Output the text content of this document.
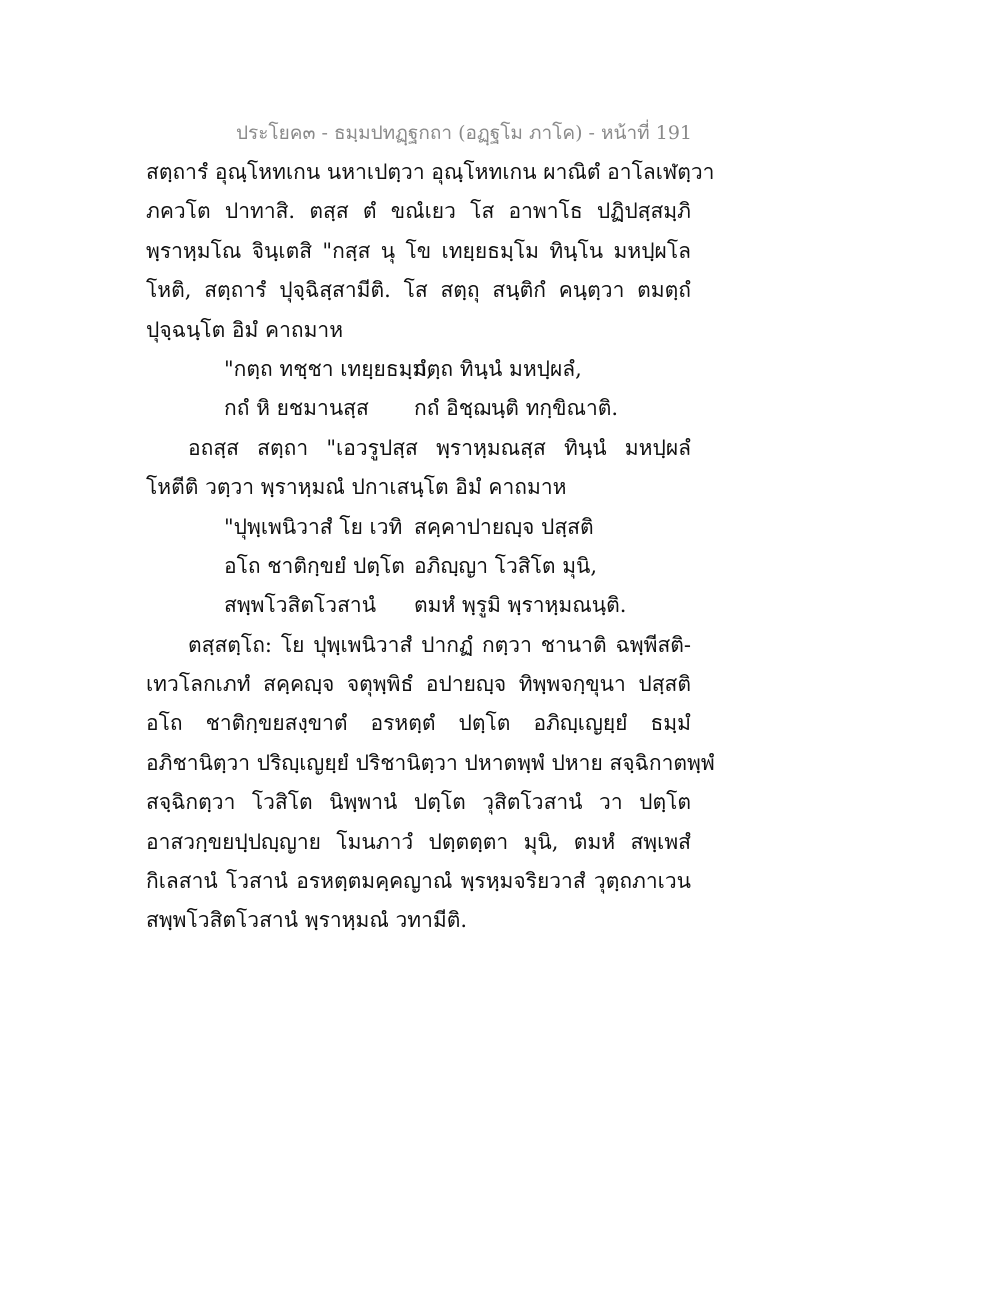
ประโยค๓ - ธมฺมปทฏฺฐกถา (อฏฺฐโม ภาโค) - หน้าที่ 191
สตฺถารํ อุณฺโหทเกน นหาเปตฺวา อุณฺโหทเกน ผาณิตํ อาโลเฬตฺวา
ภควโต ปาทาสิ. ตสฺส ตํ ขณํเยว โส อาพาโธ ปฏิปสฺสมฺภิ
พฺราหฺมโณ จินฺเตสิ "กสฺส นุ โข เทยฺยธมฺโม ทินฺโน มหปฺผโล
โหติ, สตฺถารํ ปุจฺฉิสฺสามีติ. โส สตฺถุ สนฺติกํ คนฺตฺวา ตมตฺถํ
ปุจฺฉนฺโต อิมํ คาถมาห
"กตฺถ ทชฺชา เทยฺยธมฺมํ,
กตฺถ ทินฺนํ มหปฺผลํ,
กถํ หิ ยชมานสฺส	กถํ อิชฺฌนฺติ ทกฺขิณาติ.
อถสฺส สตฺถา "เอวรูปสฺส พฺราหฺมณสฺส ทินฺนํ มหปฺผลํ
โหตีติ วตฺวา พฺราหฺมณํ ปกาเสนฺโต อิมํ คาถมาห
"ปุพฺเพนิวาสํ โย เวทิ สคฺคาปายญฺจ ปสฺสติ
อโถ ชาติกฺขยํ ปตฺโต อภิญฺญา โวสิโต มุนิ,
สพฺพโวสิตโวสานํ	ตมหํ พฺรูมิ พฺราหฺมณนฺติ.
ตสฺสตฺโถ: โย ปุพฺเพนิวาสํ ปากฏํ กตฺวา ชานาติ ฉพฺพีสติ-
เทวโลกเภทํ สคฺคญฺจ จตุพฺพิธํ อปายญฺจ ทิพฺพจกฺขุนา ปสฺสติ
อโถ ชาติกฺขยสงฺขาตํ อรหตฺตํ ปตฺโต อภิญฺเญยฺยํ ธมฺมํ
อภิชานิตฺวา ปริญฺเญยฺยํ ปริชานิตฺวา ปหาตพฺพํ ปหาย สจฺฉิกาตพฺพํ
สจฺฉิกตฺวา โวสิโต นิพฺพานํ ปตฺโต วุสิตโวสานํ วา ปตฺโต
อาสวกฺขยปฺปญฺญาย โมนภาวํ ปตฺตตฺตา มุนิ, ตมหํ สพฺเพสํ
กิเลสานํ โวสานํ อรหตฺตมคฺคญาณํ พฺรหฺมจริยวาสํ วุตฺถภาเวน
สพฺพโวสิตโวสานํ พฺราหฺมณํ วทามีติ.
